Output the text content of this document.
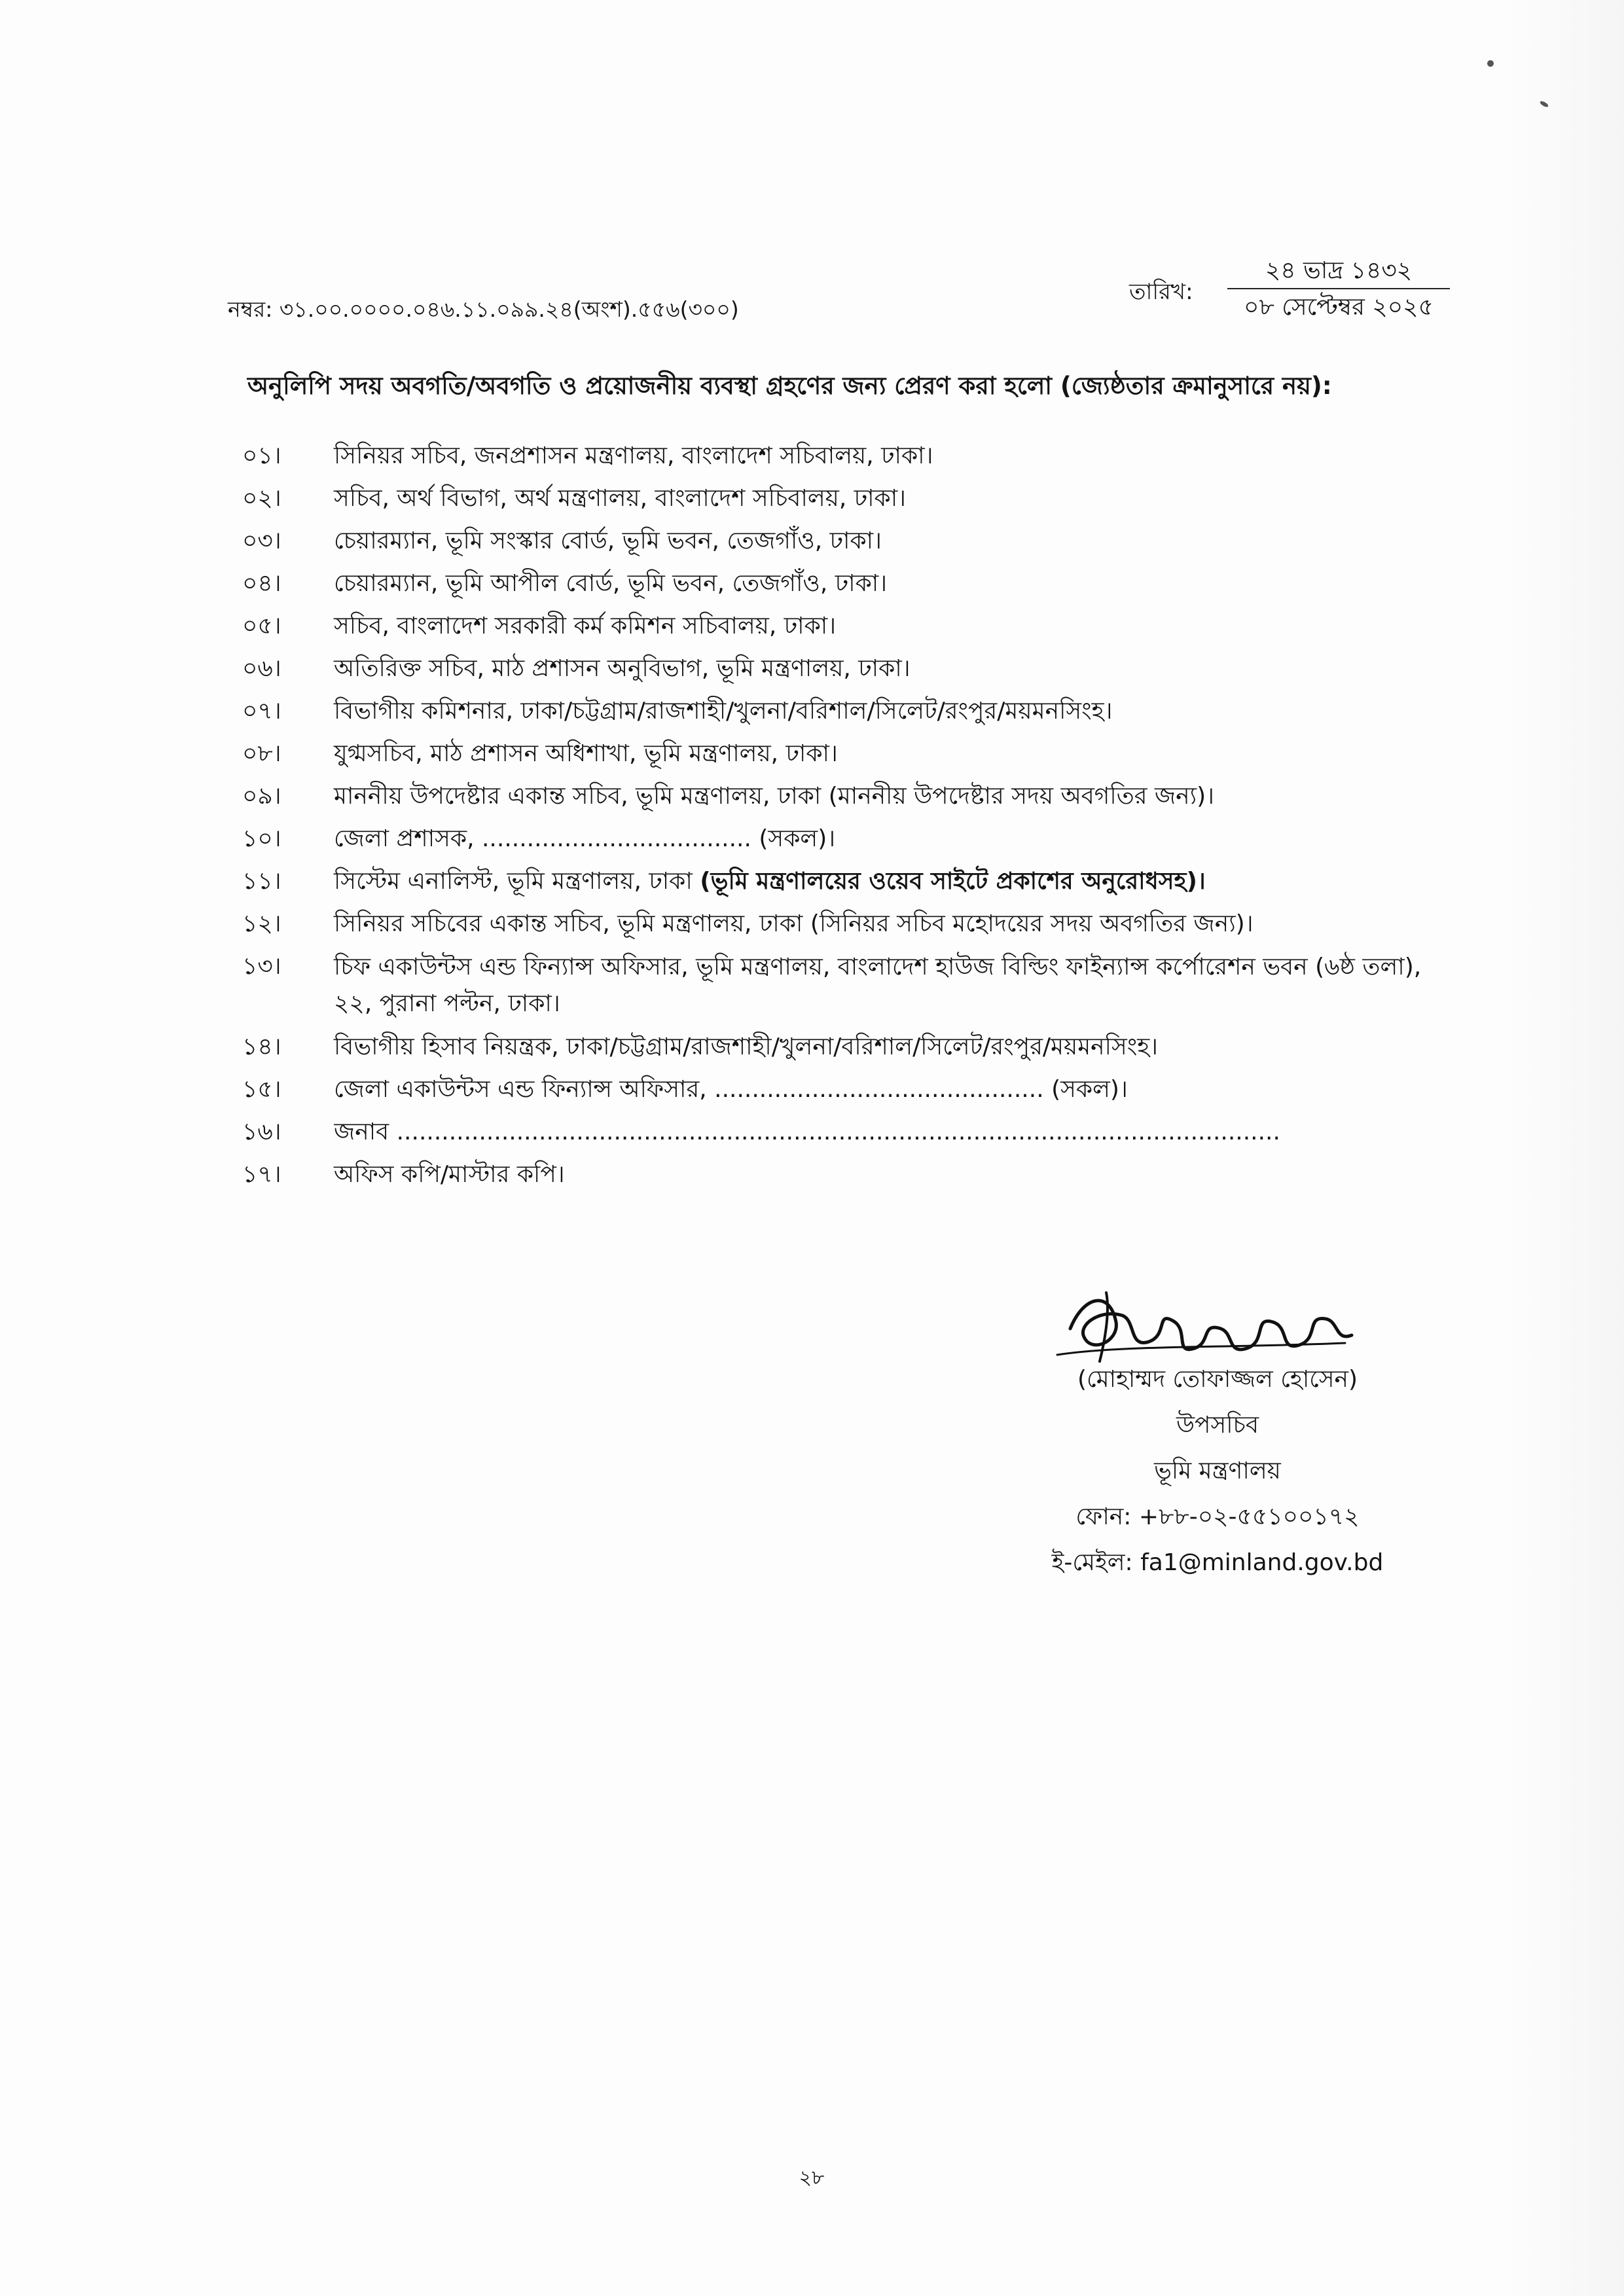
তারিখ:
২৪ ভাদ্র ১৪৩২
০৮ সেপ্টেম্বর ২০২৫
নম্বর: ৩১.০০.০০০০.০৪৬.১১.০৯৯.২৪(অংশ).৫৫৬(৩০০)
অনুলিপি সদয় অবগতি/অবগতি ও প্রয়োজনীয় ব্যবস্থা গ্রহণের জন্য প্রেরণ করা হলো (জ্যেষ্ঠতার ক্রমানুসারে নয়):
০১।	সিনিয়র সচিব, জনপ্রশাসন মন্ত্রণালয়, বাংলাদেশ সচিবালয়, ঢাকা।
০২।	সচিব, অর্থ বিভাগ, অর্থ মন্ত্রণালয়, বাংলাদেশ সচিবালয়, ঢাকা।
০৩।	চেয়ারম্যান, ভূমি সংস্কার বোর্ড, ভূমি ভবন, তেজগাঁও, ঢাকা।
০৪।	চেয়ারম্যান, ভূমি আপীল বোর্ড, ভূমি ভবন, তেজগাঁও, ঢাকা।
০৫।	সচিব, বাংলাদেশ সরকারী কর্ম কমিশন সচিবালয়, ঢাকা।
০৬।	অতিরিক্ত সচিব, মাঠ প্রশাসন অনুবিভাগ, ভূমি মন্ত্রণালয়, ঢাকা।
০৭।	বিভাগীয় কমিশনার, ঢাকা/চট্টগ্রাম/রাজশাহী/খুলনা/বরিশাল/সিলেট/রংপুর/ময়মনসিংহ।
০৮।	যুগ্মসচিব, মাঠ প্রশাসন অধিশাখা, ভূমি মন্ত্রণালয়, ঢাকা।
০৯।	মাননীয় উপদেষ্টার একান্ত সচিব, ভূমি মন্ত্রণালয়, ঢাকা (মাননীয় উপদেষ্টার সদয় অবগতির জন্য)।
১০।	জেলা প্রশাসক, .................................... (সকল)।
১১।	সিস্টেম এনালিস্ট, ভূমি মন্ত্রণালয়, ঢাকা (ভূমি মন্ত্রণালয়ের ওয়েব সাইটে প্রকাশের অনুরোধসহ)।
১২।	সিনিয়র সচিবের একান্ত সচিব, ভূমি মন্ত্রণালয়, ঢাকা (সিনিয়র সচিব মহোদয়ের সদয় অবগতির জন্য)।
১৩।	চিফ একাউন্টস এন্ড ফিন্যান্স অফিসার, ভূমি মন্ত্রণালয়, বাংলাদেশ হাউজ বিল্ডিং ফাইন্যান্স কর্পোরেশন ভবন (৬ষ্ঠ তলা), ২২, পুরানা পল্টন, ঢাকা।
১৪।	বিভাগীয় হিসাব নিয়ন্ত্রক, ঢাকা/চট্টগ্রাম/রাজশাহী/খুলনা/বরিশাল/সিলেট/রংপুর/ময়মনসিংহ।
১৫।	জেলা একাউন্টস এন্ড ফিন্যান্স অফিসার, ............................................ (সকল)।
১৬।	জনাব ......................................................................................................................
১৭।	অফিস কপি/মাস্টার কপি।
(মোহাম্মদ তোফাজ্জল হোসেন)
উপসচিব
ভূমি মন্ত্রণালয়
ফোন: +৮৮-০২-৫৫১০০১৭২
ই-মেইল: fa1@minland.gov.bd
২৮
